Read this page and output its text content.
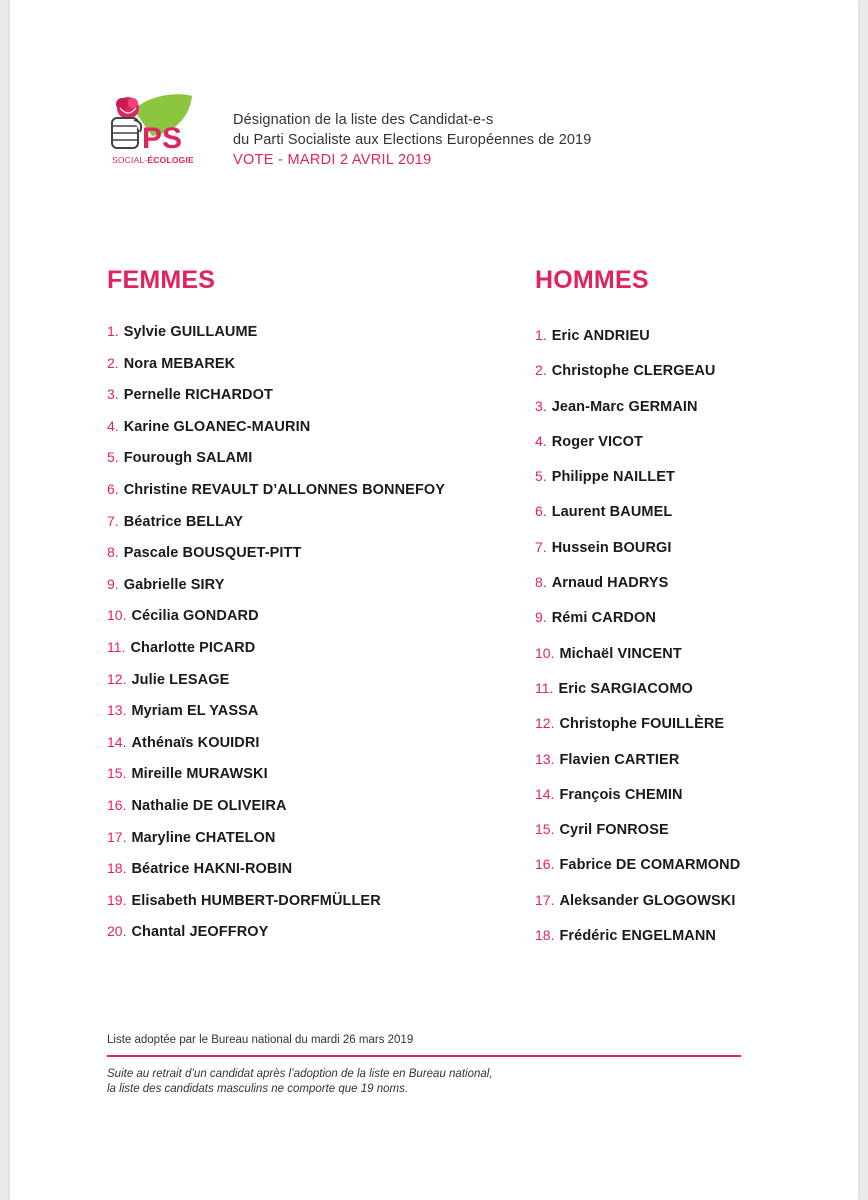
PS
SOCIAL-ÉCOLOGIE
Désignation de la liste des Candidat-e-s
du Parti Socialiste aux Elections Européennes de 2019
VOTE - MARDI 2 AVRIL 2019
FEMMES
1. Sylvie GUILLAUME
2. Nora MEBAREK
3. Pernelle RICHARDOT
4. Karine GLOANEC-MAURIN
5. Fourough SALAMI
6. Christine REVAULT D’ALLONNES BONNEFOY
7. Béatrice BELLAY
8. Pascale BOUSQUET-PITT
9. Gabrielle SIRY
10. Cécilia GONDARD
11. Charlotte PICARD
12. Julie LESAGE
13. Myriam EL YASSA
14. Athénaïs KOUIDRI
15. Mireille MURAWSKI
16. Nathalie DE OLIVEIRA
17. Maryline CHATELON
18. Béatrice HAKNI-ROBIN
19. Elisabeth HUMBERT-DORFMÜLLER
20. Chantal JEOFFROY
HOMMES
1. Eric ANDRIEU
2. Christophe CLERGEAU
3. Jean-Marc GERMAIN
4. Roger VICOT
5. Philippe NAILLET
6. Laurent BAUMEL
7. Hussein BOURGI
8. Arnaud HADRYS
9. Rémi CARDON
10. Michaël VINCENT
11. Eric SARGIACOMO
12. Christophe FOUILLÈRE
13. Flavien CARTIER
14. François CHEMIN
15. Cyril FONROSE
16. Fabrice DE COMARMOND
17. Aleksander GLOGOWSKI
18. Frédéric ENGELMANN
Liste adoptée par le Bureau national du mardi 26 mars 2019
Suite au retrait d’un candidat après l’adoption de la liste en Bureau national,
la liste des candidats masculins ne comporte que 19 noms.
